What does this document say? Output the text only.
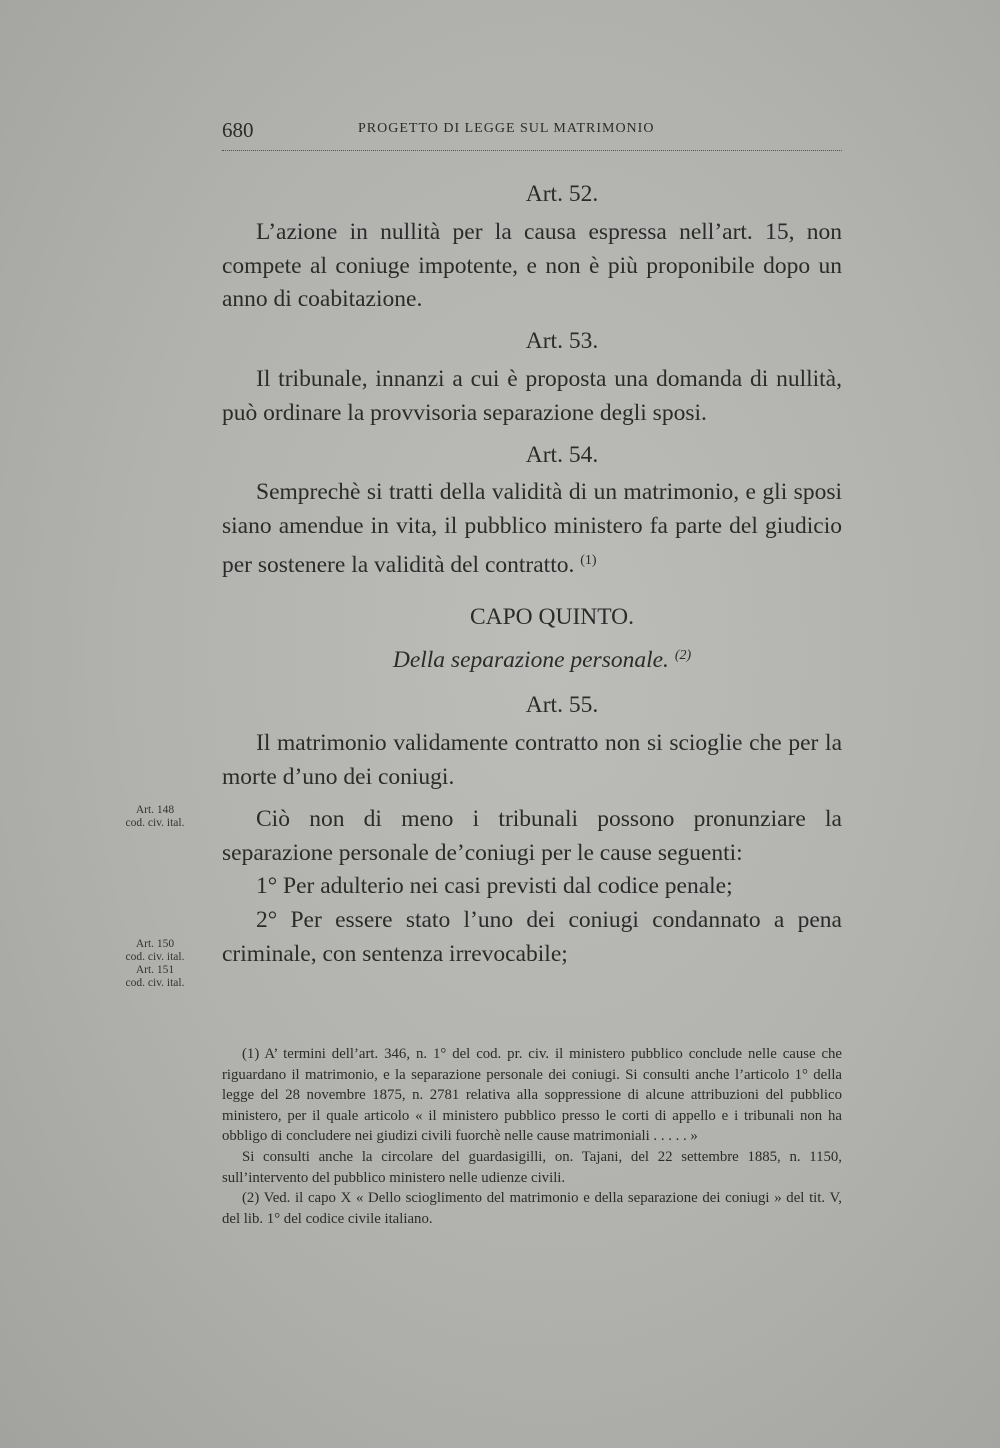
680	PROGETTO DI LEGGE SUL MATRIMONIO
Art. 52.

L’azione in nullità per la causa espressa nell’art. 15, non compete al coniuge impotente, e non è più proponibile dopo un anno di coabitazione.

Art. 53.

Il tribunale, innanzi a cui è proposta una domanda di nullità, può ordinare la provvisoria separazione degli sposi.

Art. 54.

Semprechè si tratti della validità di un matrimonio, e gli sposi siano amendue in vita, il pubblico ministero fa parte del giudicio per sostenere la validità del contratto. $^{(1)}$

CAPO QUINTO.
Della separazione personale. $^{(2)}$
Art. 55.

Il matrimonio validamente contratto non si scioglie che per la morte d’uno dei coniugi.

Ciò non di meno i tribunali possono pronunziare la separazione personale de’coniugi per le cause seguenti:

1° Per adulterio nei casi previsti dal codice penale;

2° Per essere stato l’uno dei coniugi condannato a pena criminale, con sentenza irrevocabile;

Art. 148
cod. civ. ital.
Art. 150
cod. civ. ital.
Art. 151
cod. civ. ital.

(1) A’ termini dell’art. 346, n. 1° del cod. pr. civ. il ministero pubblico conclude nelle cause che riguardano il matrimonio, e la separazione personale dei coniugi. Si consulti anche l’articolo 1° della legge del 28 novembre 1875, n. 2781 relativa alla soppressione di alcune attribuzioni del pubblico ministero, per il quale articolo « il ministero pubblico presso le corti di appello e i tribunali non ha obbligo di concludere nei giudizi civili fuorchè nelle cause matrimoniali . . . . . »

Si consulti anche la circolare del guardasigilli, on. Tajani, del 22 settembre 1885, n. 1150, sull’intervento del pubblico ministero nelle udienze civili.

(2) Ved. il capo X « Dello scioglimento del matrimonio e della separazione dei coniugi » del tit. V, del lib. 1° del codice civile italiano.
